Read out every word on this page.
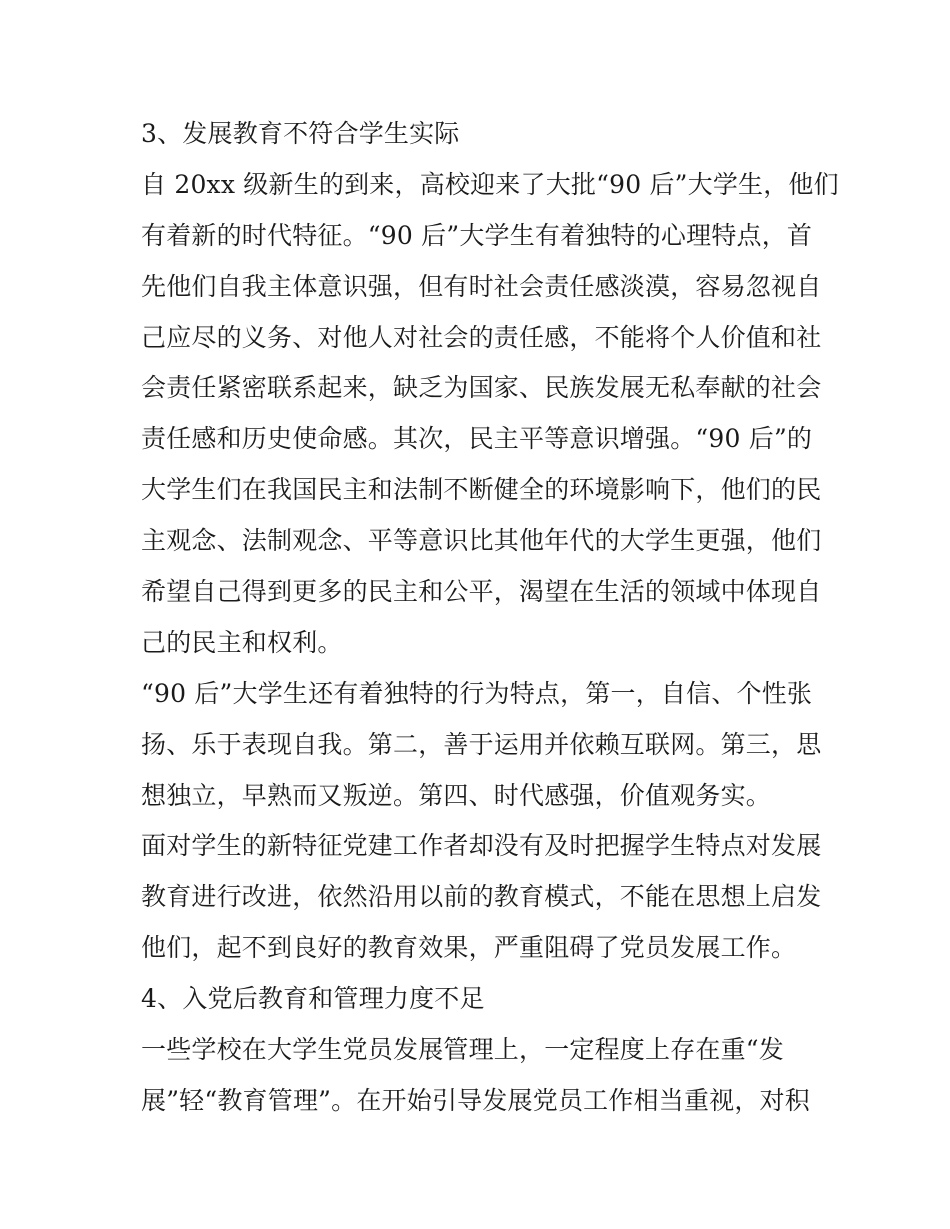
3、发展教育不符合学生实际
自 20xx 级新生的到来，高校迎来了大批“90 后”大学生，他们
有着新的时代特征。“90 后”大学生有着独特的心理特点，首
先他们自我主体意识强，但有时社会责任感淡漠，容易忽视自
己应尽的义务、对他人对社会的责任感，不能将个人价值和社
会责任紧密联系起来，缺乏为国家、民族发展无私奉献的社会
责任感和历史使命感。其次，民主平等意识增强。“90 后”的
大学生们在我国民主和法制不断健全的环境影响下，他们的民
主观念、法制观念、平等意识比其他年代的大学生更强，他们
希望自己得到更多的民主和公平，渴望在生活的领域中体现自
己的民主和权利。
“90 后”大学生还有着独特的行为特点，第一，自信、个性张
扬、乐于表现自我。第二，善于运用并依赖互联网。第三，思
想独立，早熟而又叛逆。第四、时代感强，价值观务实。
面对学生的新特征党建工作者却没有及时把握学生特点对发展
教育进行改进，依然沿用以前的教育模式，不能在思想上启发
他们，起不到良好的教育效果，严重阻碍了党员发展工作。
4、入党后教育和管理力度不足
一些学校在大学生党员发展管理上，一定程度上存在重“发
展”轻“教育管理”。在开始引导发展党员工作相当重视，对积
